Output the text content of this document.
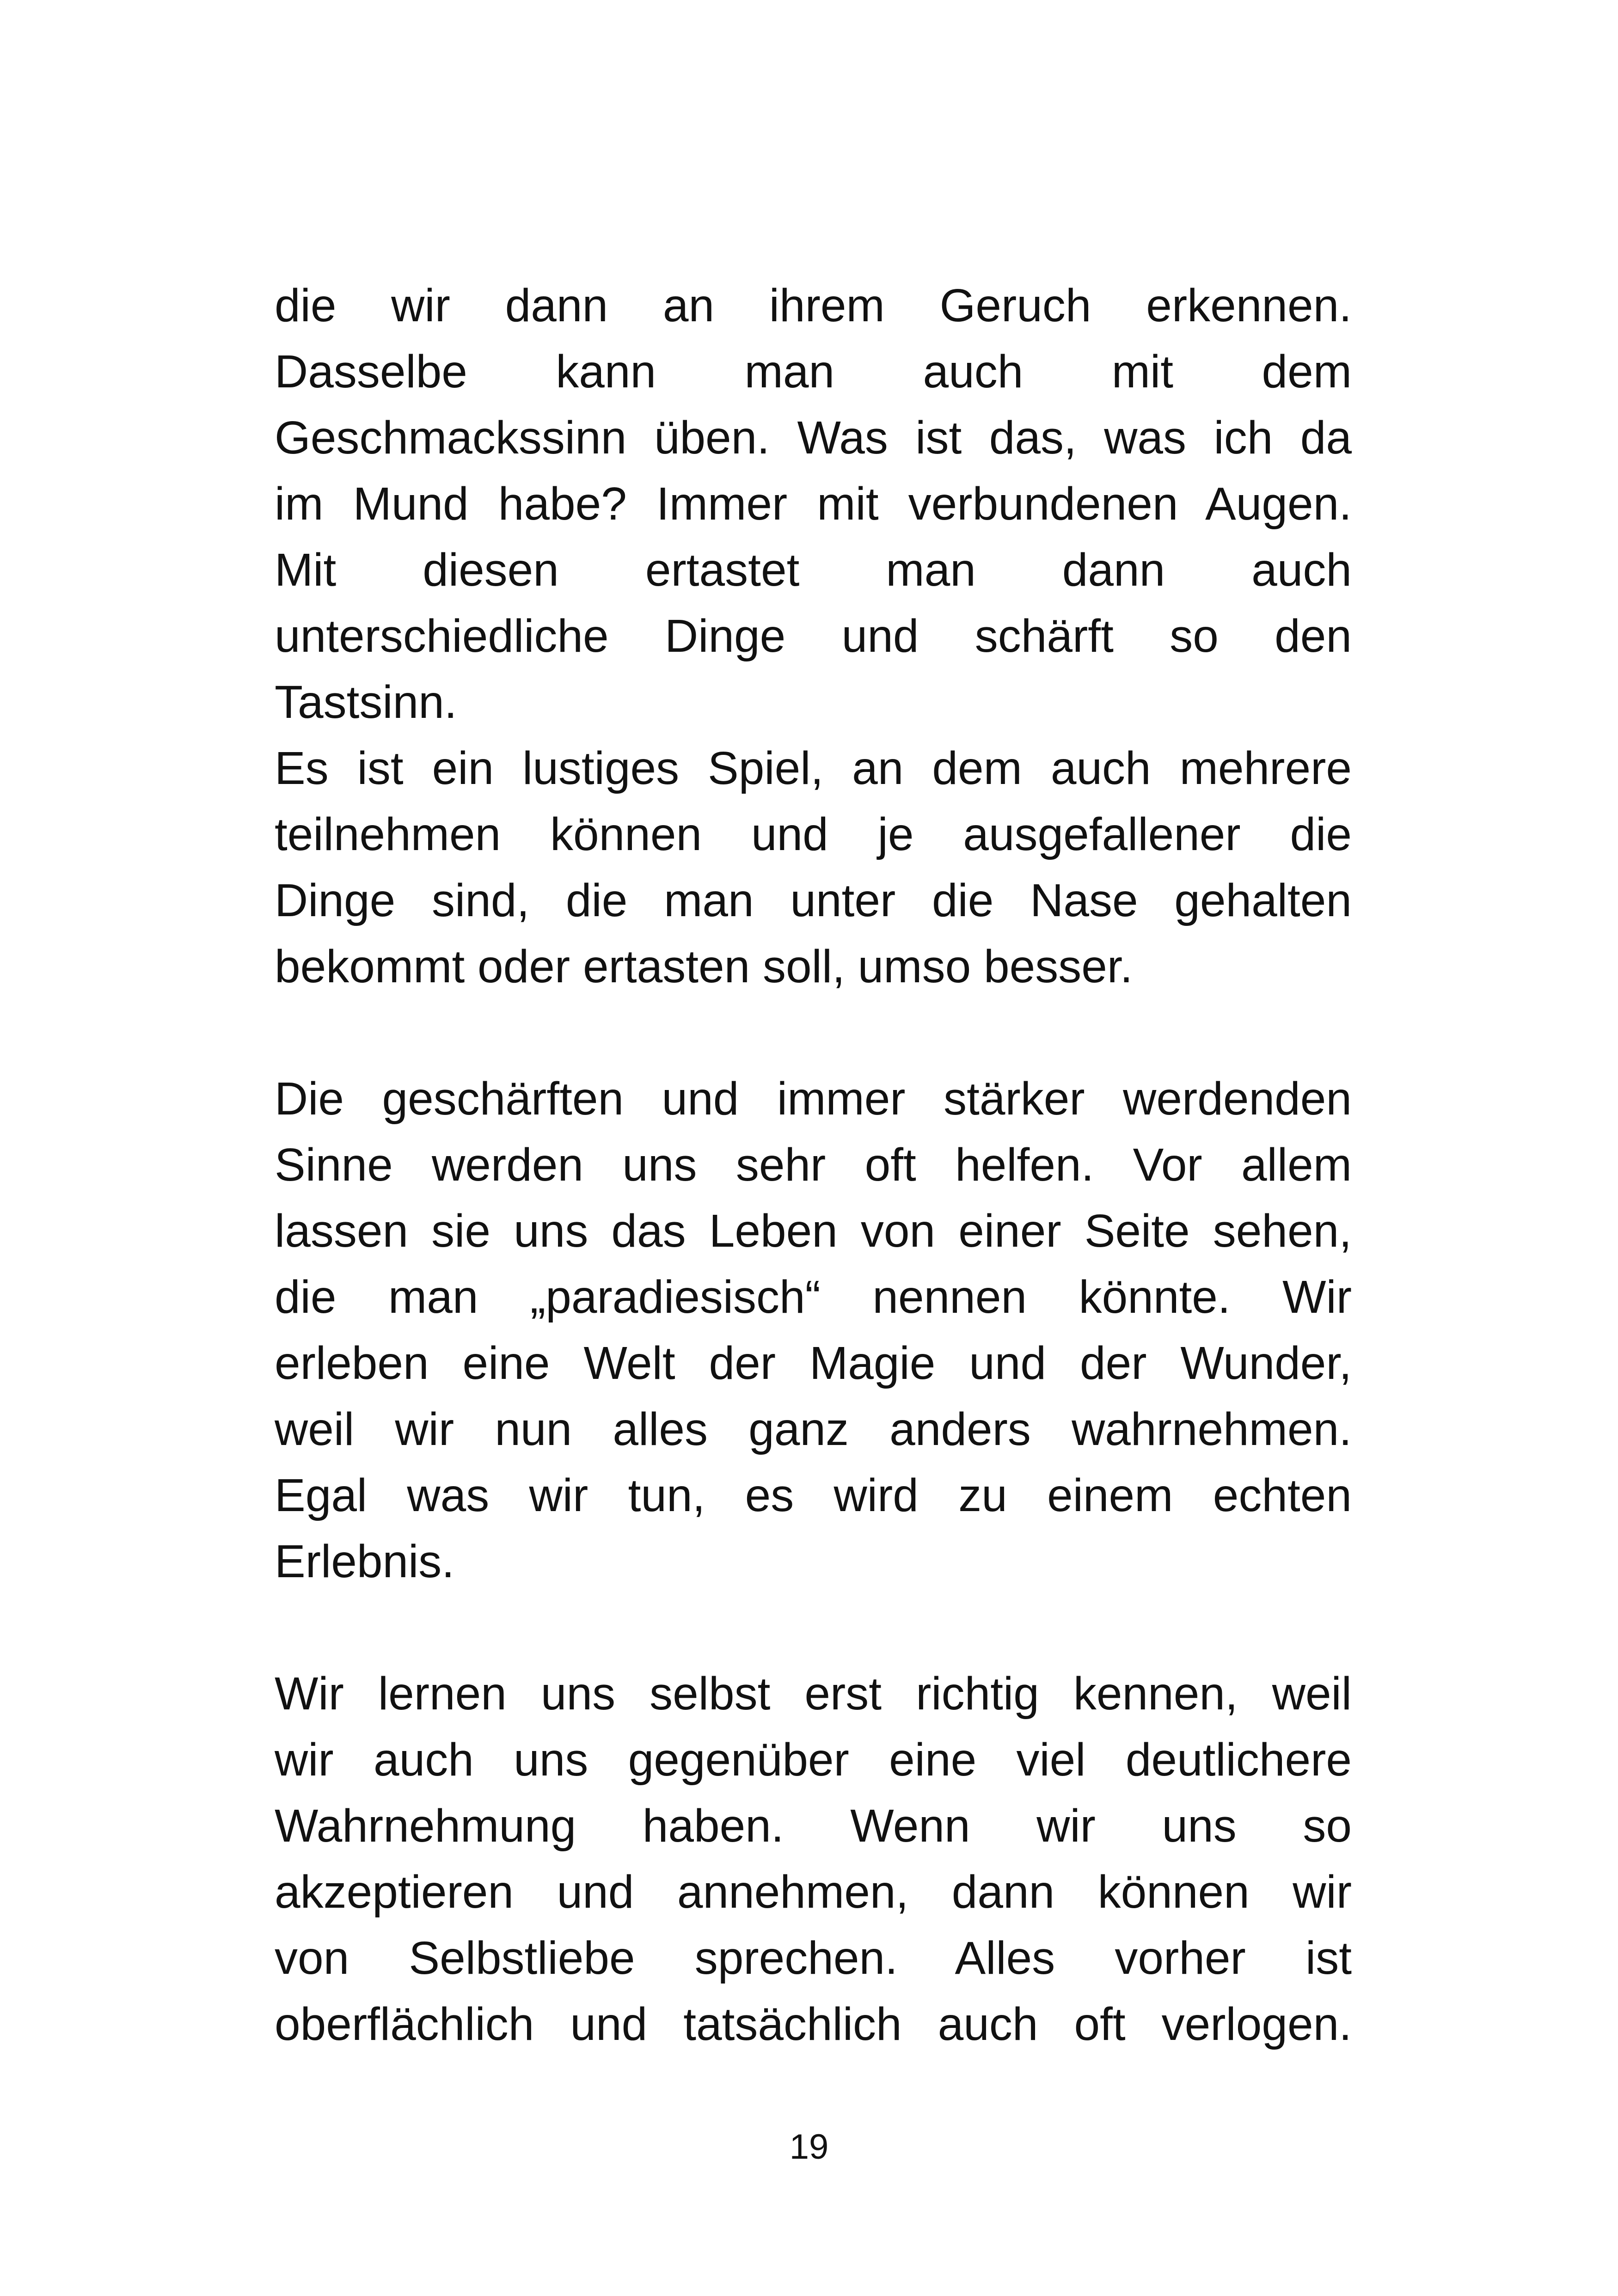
die wir dann an ihrem Geruch erkennen.
Dasselbe kann man auch mit dem
Geschmackssinn üben. Was ist das, was ich da
im Mund habe? Immer mit verbundenen Augen.
Mit diesen ertastet man dann auch
unterschiedliche Dinge und schärft so den
Tastsinn.
Es ist ein lustiges Spiel, an dem auch mehrere
teilnehmen können und je ausgefallener die
Dinge sind, die man unter die Nase gehalten
bekommt oder ertasten soll, umso besser.
Die geschärften und immer stärker werdenden
Sinne werden uns sehr oft helfen. Vor allem
lassen sie uns das Leben von einer Seite sehen,
die man „paradiesisch“ nennen könnte. Wir
erleben eine Welt der Magie und der Wunder,
weil wir nun alles ganz anders wahrnehmen.
Egal was wir tun, es wird zu einem echten
Erlebnis.
Wir lernen uns selbst erst richtig kennen, weil
wir auch uns gegenüber eine viel deutlichere
Wahrnehmung haben. Wenn wir uns so
akzeptieren und annehmen, dann können wir
von Selbstliebe sprechen. Alles vorher ist
oberflächlich und tatsächlich auch oft verlogen.
19
